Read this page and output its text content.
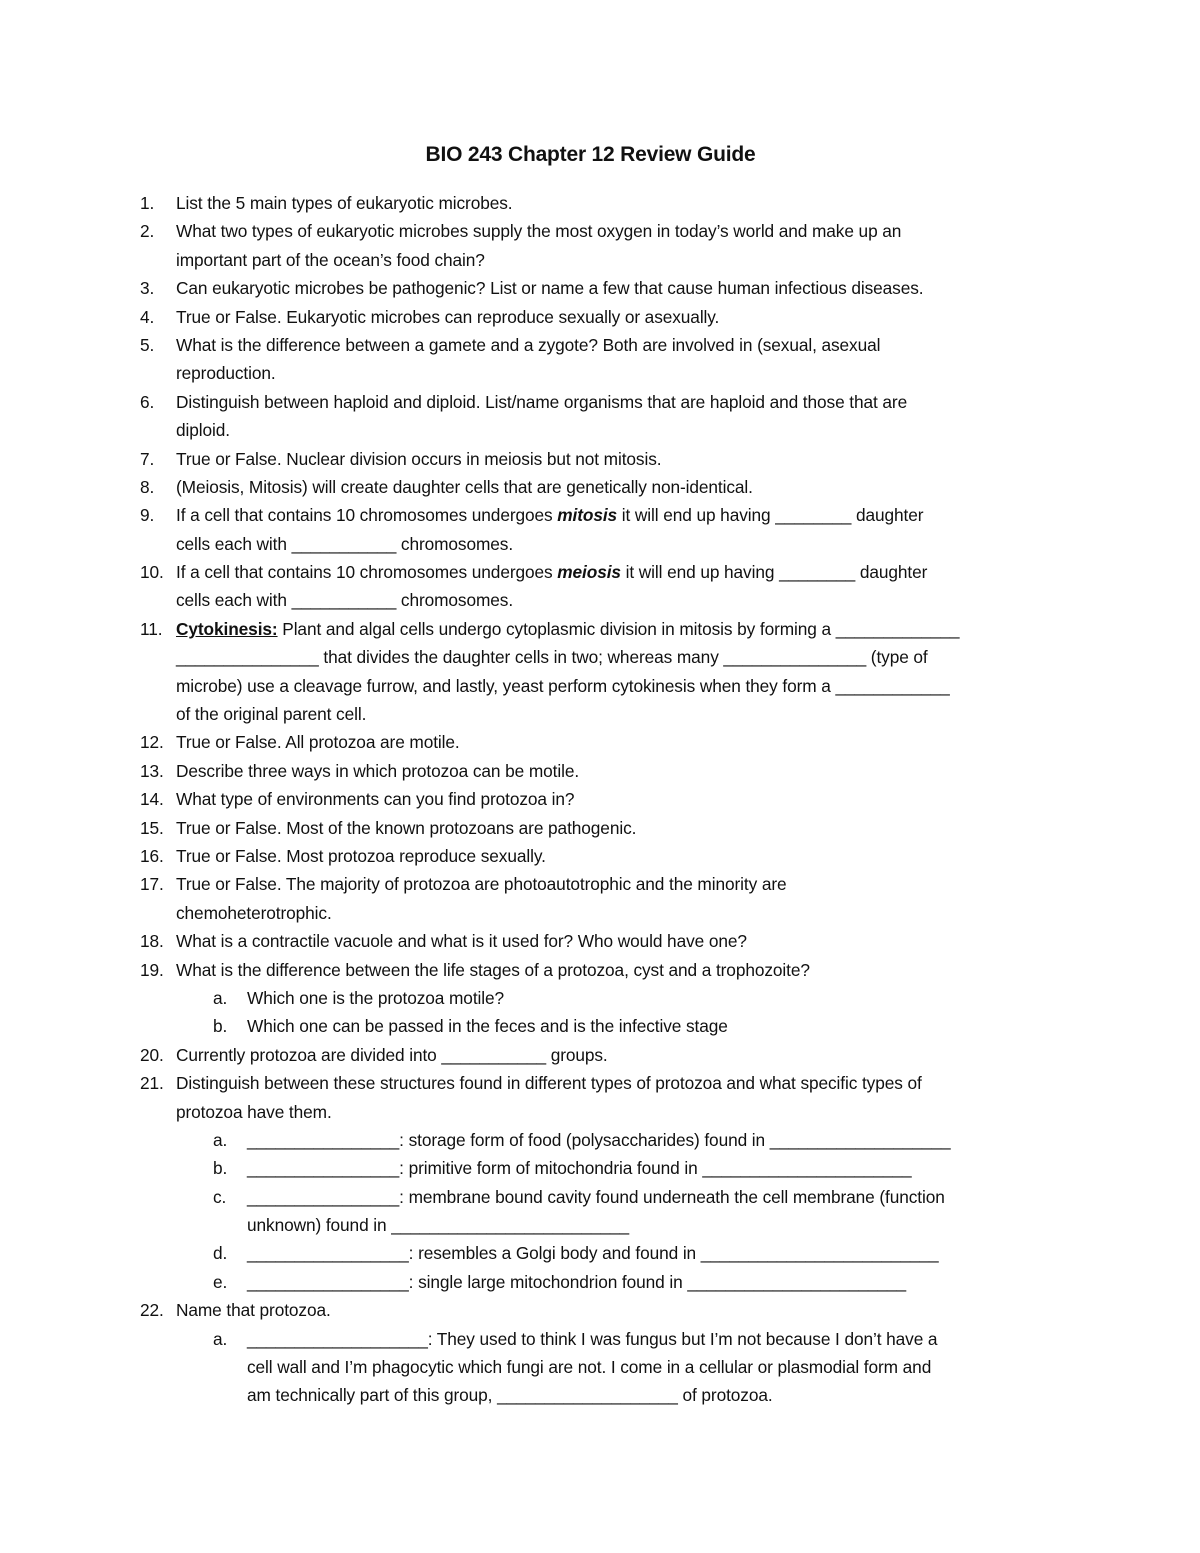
BIO 243 Chapter 12 Review Guide
1.	List the 5 main types of eukaryotic microbes.
2.	What two types of eukaryotic microbes supply the most oxygen in today’s world and make up an
important part of the ocean’s food chain?
3.	Can eukaryotic microbes be pathogenic? List or name a few that cause human infectious diseases.
4.	True or False. Eukaryotic microbes can reproduce sexually or asexually.
5.	What is the difference between a gamete and a zygote? Both are involved in (sexual, asexual
reproduction.
6.	Distinguish between haploid and diploid. List/name organisms that are haploid and those that are
diploid.
7.	True or False. Nuclear division occurs in meiosis but not mitosis.
8.	(Meiosis, Mitosis) will create daughter cells that are genetically non-identical.
9.	If a cell that contains 10 chromosomes undergoes mitosis it will end up having ________ daughter
cells each with ___________ chromosomes.
10. If a cell that contains 10 chromosomes undergoes meiosis it will end up having ________ daughter
cells each with ___________ chromosomes.
11. Cytokinesis: Plant and algal cells undergo cytoplasmic division in mitosis by forming a _____________
_______________ that divides the daughter cells in two; whereas many _______________ (type of
microbe) use a cleavage furrow, and lastly, yeast perform cytokinesis when they form a ____________
of the original parent cell.
12. True or False. All protozoa are motile.
13. Describe three ways in which protozoa can be motile.
14. What type of environments can you find protozoa in?
15. True or False. Most of the known protozoans are pathogenic.
16. True or False. Most protozoa reproduce sexually.
17. True or False. The majority of protozoa are photoautotrophic and the minority are
chemoheterotrophic.
18. What is a contractile vacuole and what is it used for? Who would have one?
19. What is the difference between the life stages of a protozoa, cyst and a trophozoite?
a.	Which one is the protozoa motile?
b.	Which one can be passed in the feces and is the infective stage
20. Currently protozoa are divided into ___________ groups.
21. Distinguish between these structures found in different types of protozoa and what specific types of
protozoa have them.
a.	________________: storage form of food (polysaccharides) found in ___________________
b.	________________: primitive form of mitochondria found in ______________________
c.	________________: membrane bound cavity found underneath the cell membrane (function
unknown) found in _________________________
d.	_________________: resembles a Golgi body and found in _________________________
e.	_________________: single large mitochondrion found in _______________________
22. Name that protozoa.
a.	___________________: They used to think I was fungus but I’m not because I don’t have a
cell wall and I’m phagocytic which fungi are not. I come in a cellular or plasmodial form and
am technically part of this group, ___________________ of protozoa.
